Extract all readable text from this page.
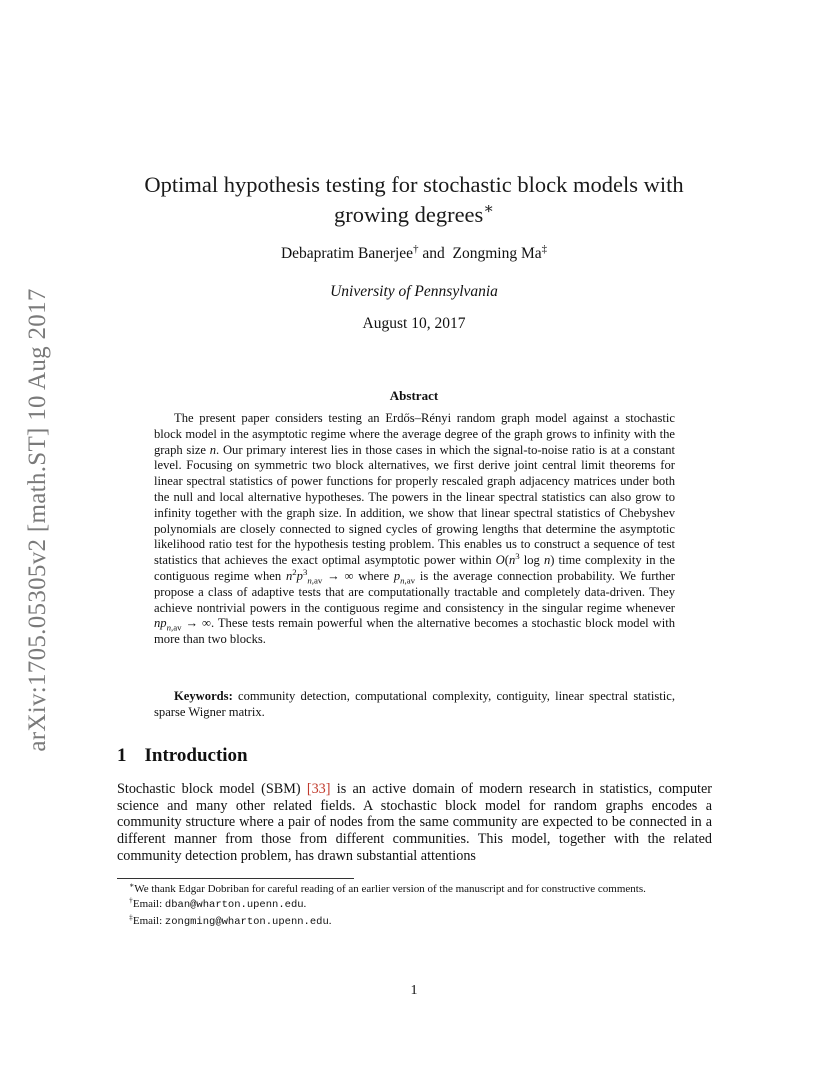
arXiv:1705.05305v2 [math.ST] 10 Aug 2017
Optimal hypothesis testing for stochastic block models with
growing degrees∗
Debapratim Banerjee† and Zongming Ma‡
University of Pennsylvania
August 10, 2017
Abstract

The present paper considers testing an Erdős–Rényi random graph model against a stochastic block model in the asymptotic regime where the average degree of the graph grows to infinity with the graph size n. Our primary interest lies in those cases in which the signal-to-noise ratio is at a constant level. Focusing on symmetric two block alternatives, we first derive joint central limit theorems for linear spectral statistics of power functions for properly rescaled graph adjacency matrices under both the null and local alternative hypotheses. The powers in the linear spectral statistics can also grow to infinity together with the graph size. In addition, we show that linear spectral statistics of Chebyshev polynomials are closely connected to signed cycles of growing lengths that determine the asymptotic likelihood ratio test for the hypothesis testing problem. This enables us to construct a sequence of test statistics that achieves the exact optimal asymptotic power within $O(n^3$ log n) time complexity in the contiguous regime when $n^2p^3_{n,av}$ → ∞ where $p_{n,av}$ is the average connection probability. We further propose a class of adaptive tests that are computationally tractable and completely data-driven. They achieve nontrivial powers in the contiguous regime and consistency in the singular regime whenever $np_{n,av}$ → ∞. These tests remain powerful when the alternative becomes a stochastic block model with more than two blocks.

Keywords: community detection, computational complexity, contiguity, linear spectral statistic, sparse Wigner matrix.

1 Introduction

Stochastic block model (SBM) [33] is an active domain of modern research in statistics, computer science and many other related fields. A stochastic block model for random graphs encodes a community structure where a pair of nodes from the same community are expected to be connected in a different manner from those from different communities. This model, together with the related community detection problem, has drawn substantial attentions

∗We thank Edgar Dobriban for careful reading of an earlier version of the manuscript and for constructive comments.

†Email: dban@wharton.upenn.edu.

‡Email: zongming@wharton.upenn.edu.

1
